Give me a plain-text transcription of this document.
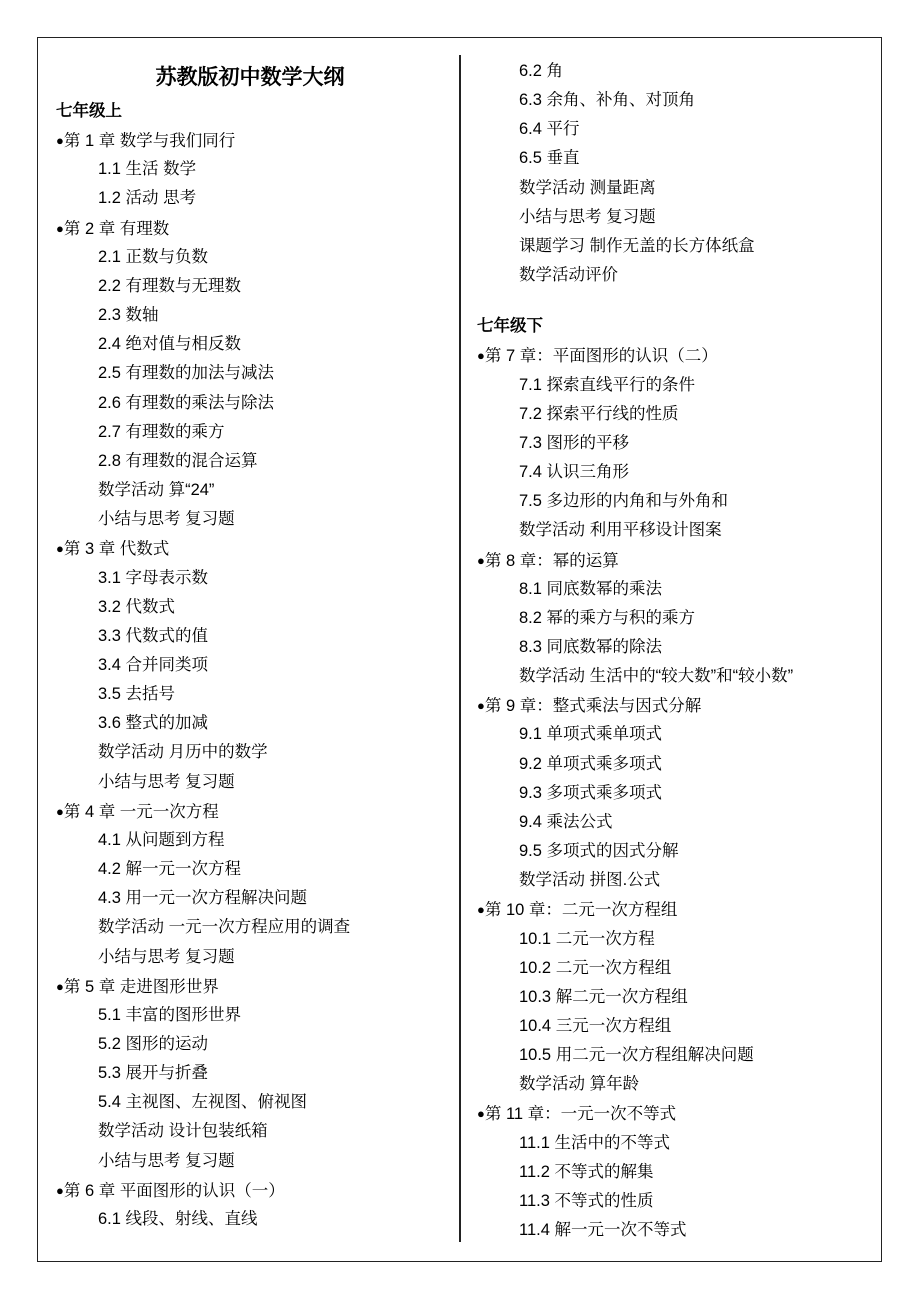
苏教版初中数学大纲
七年级上
●第 1 章 数学与我们同行
1.1 生活 数学
1.2 活动 思考
●第 2 章 有理数
2.1 正数与负数
2.2 有理数与无理数
2.3 数轴
2.4 绝对值与相反数
2.5 有理数的加法与减法
2.6 有理数的乘法与除法
2.7 有理数的乘方
2.8 有理数的混合运算
数学活动 算“24”
小结与思考 复习题
●第 3 章 代数式
3.1 字母表示数
3.2 代数式
3.3 代数式的值
3.4 合并同类项
3.5 去括号
3.6 整式的加减
数学活动 月历中的数学
小结与思考 复习题
●第 4 章 一元一次方程
4.1 从问题到方程
4.2 解一元一次方程
4.3 用一元一次方程解决问题
数学活动 一元一次方程应用的调查
小结与思考 复习题
●第 5 章 走进图形世界
5.1 丰富的图形世界
5.2 图形的运动
5.3 展开与折叠
5.4 主视图、左视图、俯视图
数学活动 设计包装纸箱
小结与思考 复习题
●第 6 章 平面图形的认识（一）
6.1 线段、射线、直线
6.2 角
6.3 余角、补角、对顶角
6.4 平行
6.5 垂直
数学活动 测量距离
小结与思考 复习题
课题学习 制作无盖的长方体纸盒
数学活动评价
七年级下
●第 7 章：平面图形的认识（二）
7.1 探索直线平行的条件
7.2 探索平行线的性质
7.3 图形的平移
7.4 认识三角形
7.5 多边形的内角和与外角和
数学活动 利用平移设计图案
●第 8 章：幂的运算
8.1 同底数幂的乘法
8.2 幂的乘方与积的乘方
8.3 同底数幂的除法
数学活动 生活中的“较大数”和“较小数”
●第 9 章：整式乘法与因式分解
9.1 单项式乘单项式
9.2 单项式乘多项式
9.3 多项式乘多项式
9.4 乘法公式
9.5 多项式的因式分解
数学活动 拼图.公式
●第 10 章：二元一次方程组
10.1 二元一次方程
10.2 二元一次方程组
10.3 解二元一次方程组
10.4 三元一次方程组
10.5 用二元一次方程组解决问题
数学活动 算年龄
●第 11 章：一元一次不等式
11.1 生活中的不等式
11.2 不等式的解集
11.3 不等式的性质
11.4 解一元一次不等式
